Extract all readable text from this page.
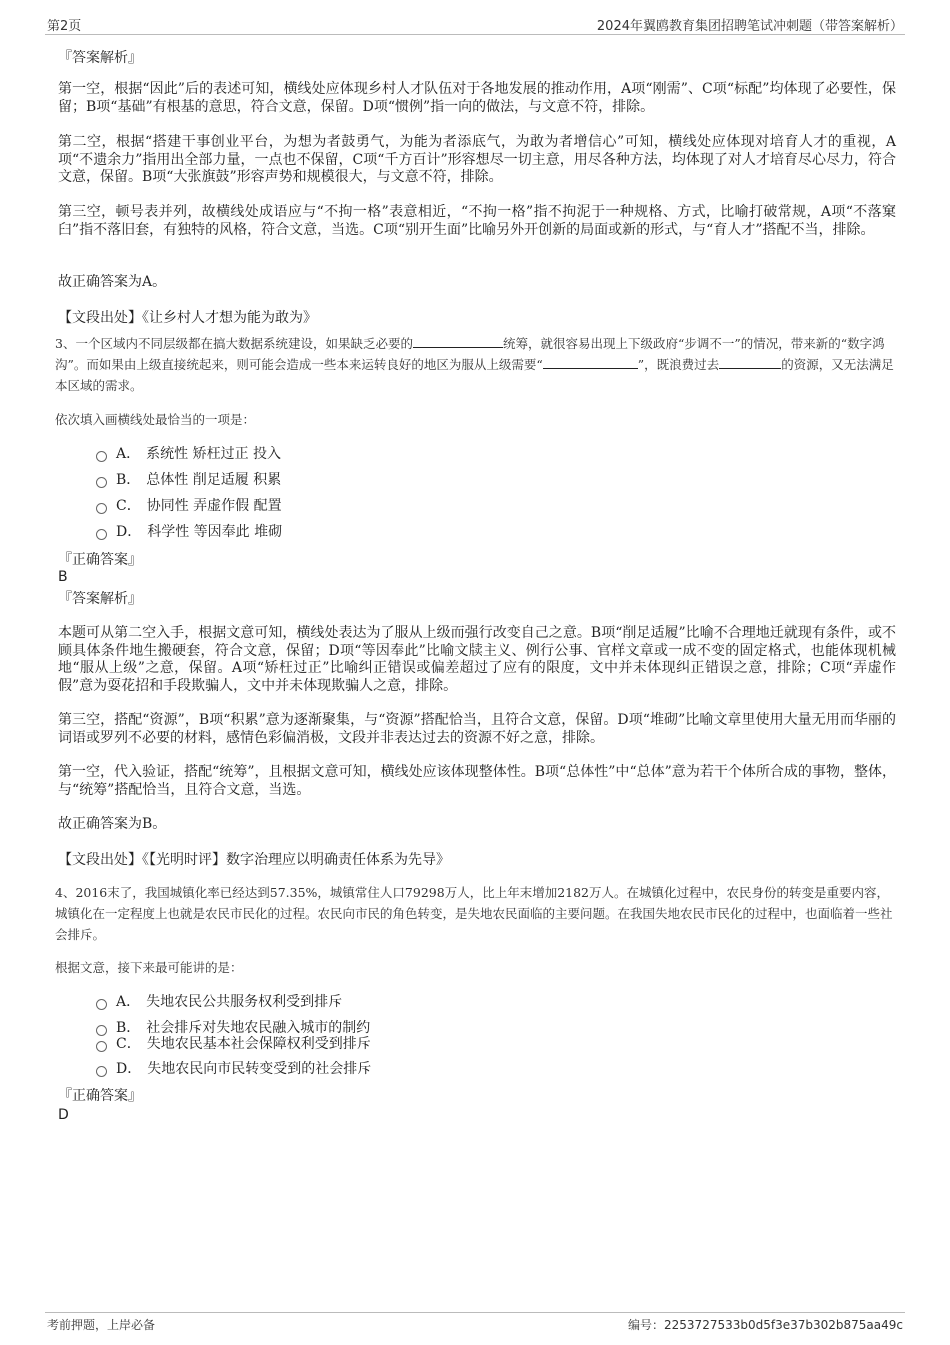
第2页	2024年翼鸥教育集团招聘笔试冲刺题（带答案解析）
『答案解析』
第一空，根据“因此”后的表述可知，横线处应体现乡村人才队伍对于各地发展的推动作用，A项“刚需”、C项“标配”均体现了必要性，保留；B项“基础”有根基的意思，符合文意，保留。D项“惯例”指一向的做法，与文意不符，排除。
第二空，根据“搭建干事创业平台，为想为者鼓勇气，为能为者添底气，为敢为者增信心”可知，横线处应体现对培育人才的重视，A项“不遗余力”指用出全部力量，一点也不保留，C项“千方百计”形容想尽一切主意，用尽各种方法，均体现了对人才培育尽心尽力，符合文意，保留。B项“大张旗鼓”形容声势和规模很大，与文意不符，排除。
第三空，顿号表并列，故横线处成语应与“不拘一格”表意相近，“不拘一格”指不拘泥于一种规格、方式，比喻打破常规，A项“不落窠臼”指不落旧套，有独特的风格，符合文意，当选。C项“别开生面”比喻另外开创新的局面或新的形式，与“育人才”搭配不当，排除。
故正确答案为A。
【文段出处】《让乡村人才想为能为敢为》
3、一个区域内不同层级都在搞大数据系统建设，如果缺乏必要的	统筹，就很容易出现上下级政府“步调不一”的情况，带来新的“数字鸿沟”。而如果由上级直接统起来，则可能会造成一些本来运转良好的地区为服从上级需要“	”，既浪费过去	的资源，又无法满足本区域的需求。
依次填入画横线处最恰当的一项是：
A． 系统性 矫枉过正 投入
B． 总体性 削足适履 积累
C． 协同性 弄虚作假 配置
D． 科学性 等因奉此 堆砌
『正确答案』
B
『答案解析』
本题可从第二空入手，根据文意可知，横线处表达为了服从上级而强行改变自己之意。B项“削足适履”比喻不合理地迁就现有条件，或不顾具体条件地生搬硬套，符合文意，保留；D项“等因奉此”比喻文牍主义、例行公事、官样文章或一成不变的固定格式，也能体现机械地“服从上级”之意，保留。A项“矫枉过正”比喻纠正错误或偏差超过了应有的限度，文中并未体现纠正错误之意，排除；C项“弄虚作假”意为耍花招和手段欺骗人，文中并未体现欺骗人之意，排除。
第三空，搭配“资源”，B项“积累”意为逐渐聚集，与“资源”搭配恰当，且符合文意，保留。D项“堆砌”比喻文章里使用大量无用而华丽的词语或罗列不必要的材料，感情色彩偏消极，文段并非表达过去的资源不好之意，排除。
第一空，代入验证，搭配“统筹”，且根据文意可知，横线处应该体现整体性。B项“总体性”中“总体”意为若干个体所合成的事物，整体，与“统筹”搭配恰当，且符合文意，当选。
故正确答案为B。
【文段出处】《【光明时评】数字治理应以明确责任体系为先导》
4、2016末了，我国城镇化率已经达到57.35%，城镇常住人口79298万人，比上年末增加2182万人。在城镇化过程中，农民身份的转变是重要内容，城镇化在一定程度上也就是农民市民化的过程。农民向市民的角色转变，是失地农民面临的主要问题。在我国失地农民市民化的过程中，也面临着一些社会排斥。
根据文意，接下来最可能讲的是：
A． 失地农民公共服务权利受到排斥
B． 社会排斥对失地农民融入城市的制约
C． 失地农民基本社会保障权利受到排斥
D． 失地农民向市民转变受到的社会排斥
『正确答案』
D
考前押题，上岸必备	编号：2253727533b0d5f3e37b302b875aa49c
